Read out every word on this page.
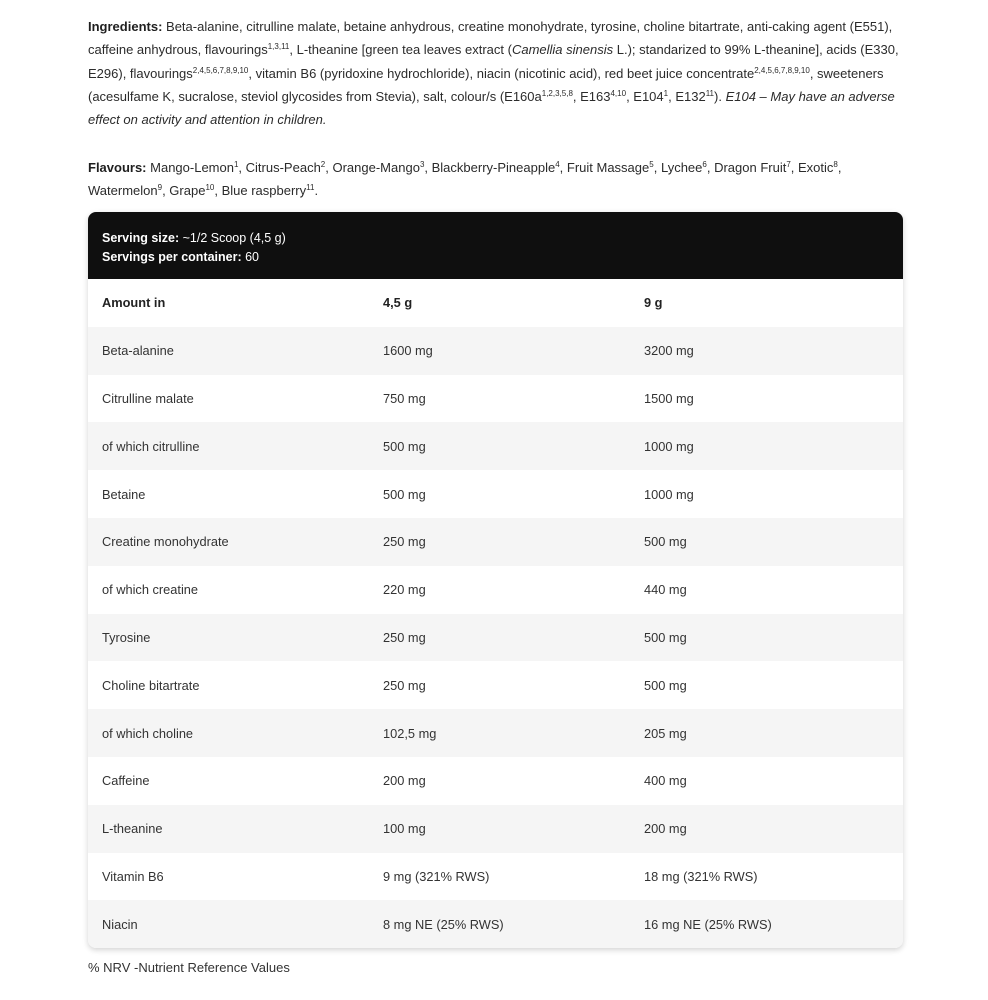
Ingredients: Beta-alanine, citrulline malate, betaine anhydrous, creatine monohydrate, tyrosine, choline bitartrate, anti-caking agent (E551), caffeine anhydrous, flavourings$^{1,3,11}$, L-theanine [green tea leaves extract (Camellia sinensis L.); standarized to 99% L-theanine], acids (E330, E296), flavourings$^{2,4,5,6,7,8,9,10}$, vitamin B6 (pyridoxine hydrochloride), niacin (nicotinic acid), red beet juice concentrate$^{2,4,5,6,7,8,9,10}$, sweeteners (acesulfame K, sucralose, steviol glycosides from Stevia), salt, colour/s ($E160a^{1,2,3,5,8}$, E163$^{4,10}$, $E104^1$, $E132^{11}$). E104 – May have an adverse effect on activity and attention in children.
Flavours: Mango-Lemon$^1$, Citrus-Peach$^2$, Orange-Mango$^3$, Blackberry-Pineapple$^4$, Fruit Massage$^5$, Lychee$^6$, Dragon Fruit$^7$, Exotic$^8$, Watermelon$^9$, Grape$^{10}$, Blue raspberry$^{11}$.
Serving size: ~1/2 Scoop (4,5 g)
Servings per container: 60
Amount in	4,5 g	9 g
Beta-alanine	1600 mg	3200 mg
Citrulline malate	750 mg	1500 mg
of which citrulline	500 mg	1000 mg
Betaine	500 mg	1000 mg
Creatine monohydrate	250 mg	500 mg
of which creatine	220 mg	440 mg
Tyrosine	250 mg	500 mg
Choline bitartrate	250 mg	500 mg
of which choline	102,5 mg	205 mg
Caffeine	200 mg	400 mg
L-theanine	100 mg	200 mg
Vitamin B6	9 mg (321% RWS)	18 mg (321% RWS)
Niacin	8 mg NE (25% RWS)	16 mg NE (25% RWS)
% NRV -Nutrient Reference Values
